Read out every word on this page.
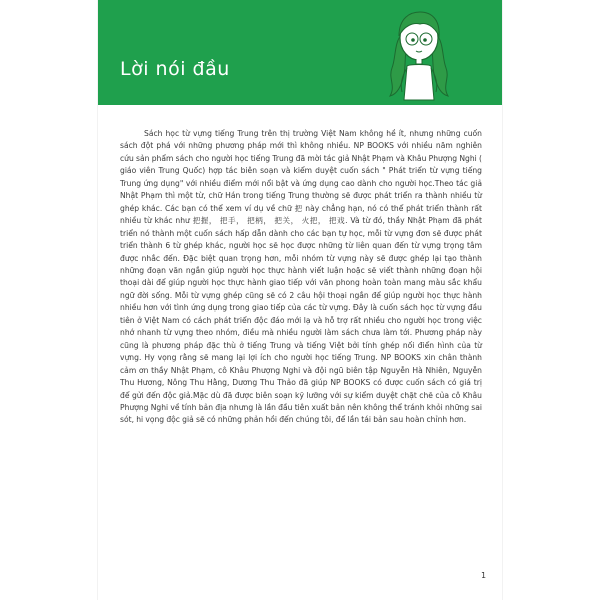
Lời nói đầu

Sách học từ vựng tiếng Trung trên thị trường Việt Nam không hề ít, nhưng những cuốn sách đột phá với những phương pháp mới thì không nhiều. NP BOOKS với nhiều năm nghiên cứu sản phẩm sách cho người học tiếng Trung đã mời tác giả Nhật Phạm và Khâu Phượng Nghi ( giáo viên Trung Quốc) hợp tác biên soạn và kiểm duyệt cuốn sách " Phát triển từ vựng tiếng Trung ứng dụng" với nhiều điểm mới nổi bật và ứng dụng cao dành cho người học.Theo tác giả Nhật Phạm thì một từ, chữ Hán trong tiếng Trung thường sẽ được phát triển ra thành nhiều từ ghép khác. Các bạn có thể xem ví dụ về chữ 把 này chẳng hạn, nó có thể phát triển thành rất nhiều từ khác như 把握， 把手， 把柄， 把关， 火把， 把戏. Và từ đó, thầy Nhật Phạm đã phát triển nó thành một cuốn sách hấp dẫn dành cho các bạn tự học, mỗi từ vựng đơn sẽ được phát triển thành 6 từ ghép khác, người học sẽ học được những từ liên quan đến từ vựng trọng tâm được nhắc đến. Đặc biệt quan trọng hơn, mỗi nhóm từ vựng này sẽ được ghép lại tạo thành những đoạn văn ngắn giúp người học thực hành viết luận hoặc sẽ viết thành những đoạn hội thoại dài để giúp người học thực hành giao tiếp với văn phong hoàn toàn mang màu sắc khẩu ngữ đời sống. Mỗi từ vựng ghép cũng sẽ có 2 câu hội thoại ngắn để giúp người học thực hành nhiều hơn với tình ứng dụng trong giao tiếp của các từ vựng. Đây là cuốn sách học từ vựng đầu tiên ở Việt Nam có cách phát triển độc đáo mới lạ và hỗ trợ rất nhiều cho người học trong việc nhớ nhanh từ vựng theo nhóm, điều mà nhiều người làm sách chưa làm tới. Phương pháp này cũng là phương pháp đặc thù ở tiếng Trung và tiếng Việt bởi tính ghép nối điển hình của từ vựng. Hy vọng rằng sẽ mang lại lợi ích cho người học tiếng Trung. NP BOOKS xin chân thành cảm ơn thầy Nhật Phạm, cô Khâu Phượng Nghi và đội ngũ biên tập Nguyễn Hà Nhiên, Nguyễn Thu Hương, Nông Thu Hằng, Dương Thu Thảo đã giúp NP BOOKS có được cuốn sách có giá trị để gửi đến độc giả.Mặc dù đã được biên soạn kỹ lưỡng với sự kiểm duyệt chặt chẽ của cô Khâu Phượng Nghi về tính bản địa nhưng là lần đầu tiên xuất bản nên không thể tránh khỏi những sai sót, hi vọng độc giả sẽ có những phản hồi đến chúng tôi, để lần tái bản sau hoàn chỉnh hơn.

1
